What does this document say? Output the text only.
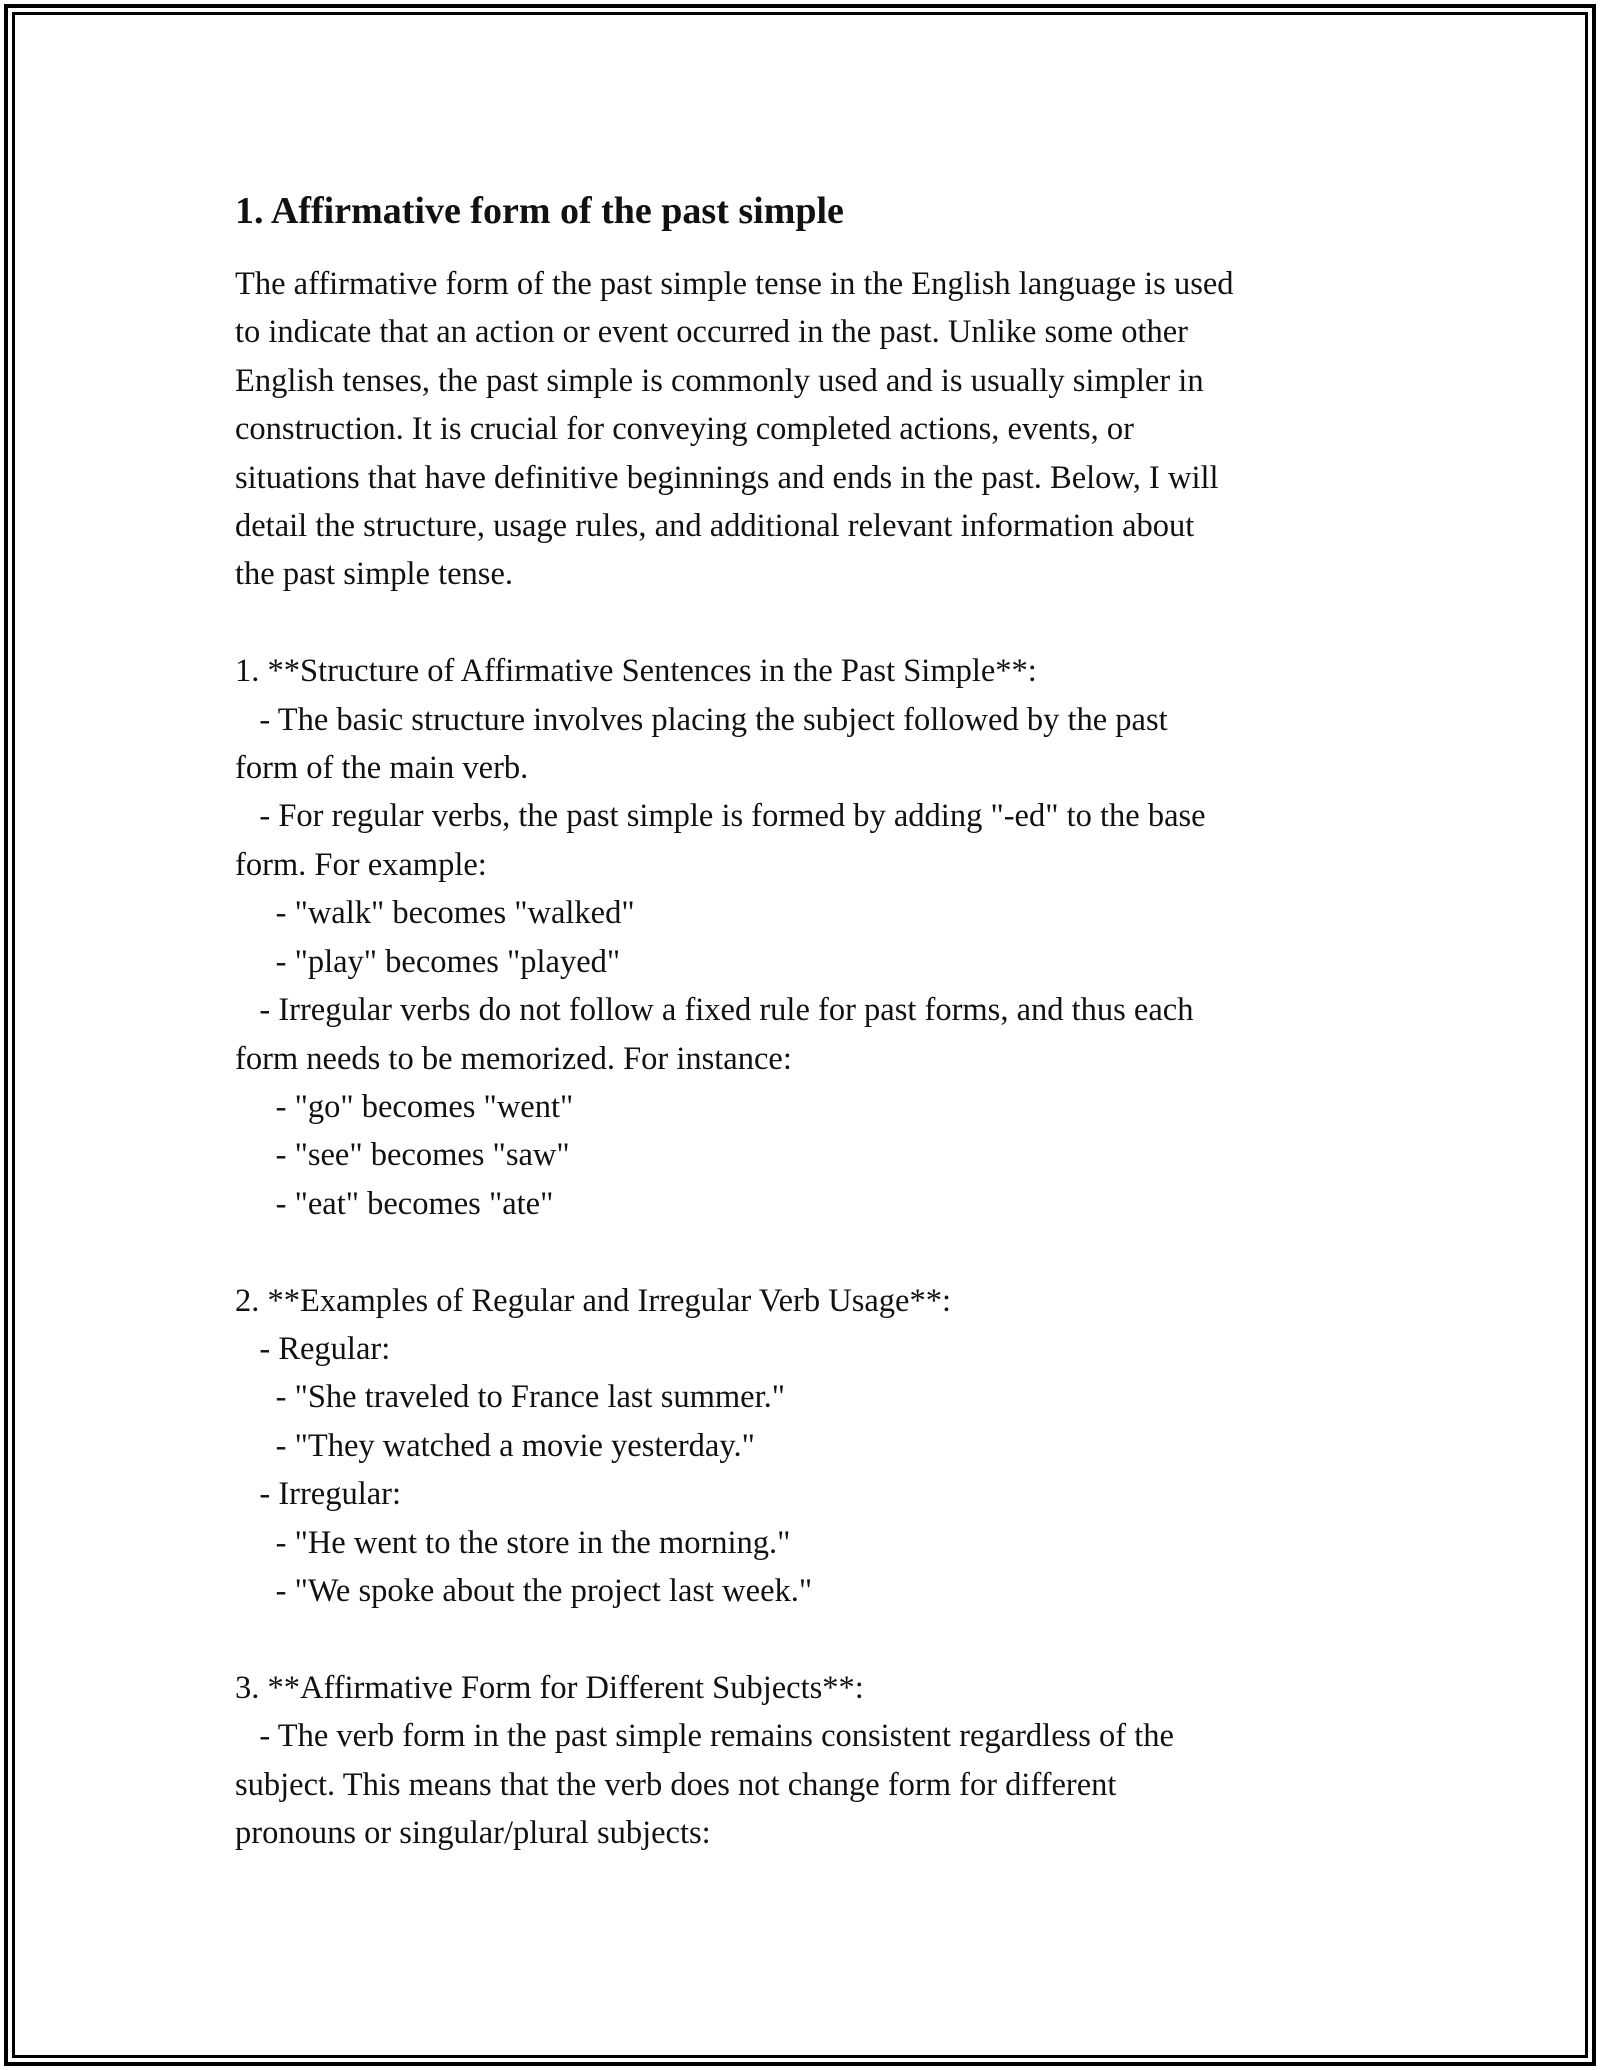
1. Affirmative form of the past simple
The affirmative form of the past simple tense in the English language is used
to indicate that an action or event occurred in the past. Unlike some other
English tenses, the past simple is commonly used and is usually simpler in
construction. It is crucial for conveying completed actions, events, or
situations that have definitive beginnings and ends in the past. Below, I will
detail the structure, usage rules, and additional relevant information about
the past simple tense.

1. **Structure of Affirmative Sentences in the Past Simple**:
- The basic structure involves placing the subject followed by the past
form of the main verb.
- For regular verbs, the past simple is formed by adding "-ed" to the base
form. For example:
- "walk" becomes "walked"
- "play" becomes "played"
- Irregular verbs do not follow a fixed rule for past forms, and thus each
form needs to be memorized. For instance:
- "go" becomes "went"
- "see" becomes "saw"
- "eat" becomes "ate"

2. **Examples of Regular and Irregular Verb Usage**:
- Regular:
- "She traveled to France last summer."
- "They watched a movie yesterday."
- Irregular:
- "He went to the store in the morning."
- "We spoke about the project last week."

3. **Affirmative Form for Different Subjects**:
- The verb form in the past simple remains consistent regardless of the
subject. This means that the verb does not change form for different
pronouns or singular/plural subjects:
